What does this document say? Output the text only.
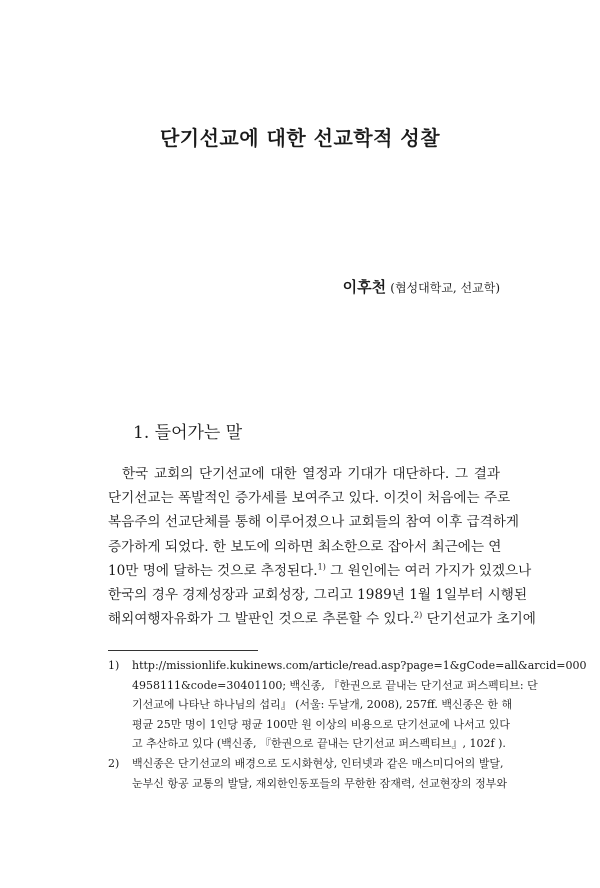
단기선교에 대한 선교학적 성찰
이후천 (협성대학교, 선교학)
1. 들어가는 말
한국 교회의 단기선교에 대한 열정과 기대가 대단하다. 그 결과
단기선교는 폭발적인 증가세를 보여주고 있다. 이것이 처음에는 주로
복음주의 선교단체를 통해 이루어졌으나 교회들의 참여 이후 급격하게
증가하게 되었다. 한 보도에 의하면 최소한으로 잡아서 최근에는 연
10만 명에 달하는 것으로 추정된다.$^{1)}$ 그 원인에는 여러 가지가 있겠으나
한국의 경우 경제성장과 교회성장, 그리고 1989년 1월 1일부터 시행된
해외여행자유화가 그 발판인 것으로 추론할 수 있다.$^{2)}$ 단기선교가 초기에
1) http://missionlife.kukinews.com/article/read.asp?page=1&gCode=all&arcid=000
4958111&code=30401100; 백신종, 『한권으로 끝내는 단기선교 퍼스펙티브: 단
기선교에 나타난 하나님의 섭리』 (서울: 두날개, 2008), 257ff. 백신종은 한 해
평균 25만 명이 1인당 평균 100만 원 이상의 비용으로 단기선교에 나서고 있다
고 추산하고 있다 (백신종, 『한권으로 끝내는 단기선교 퍼스펙티브』, 102f ).
2) 백신종은 단기선교의 배경으로 도시화현상, 인터넷과 같은 매스미디어의 발달,
눈부신 항공 교통의 발달, 재외한인동포들의 무한한 잠재력, 선교현장의 정부와
